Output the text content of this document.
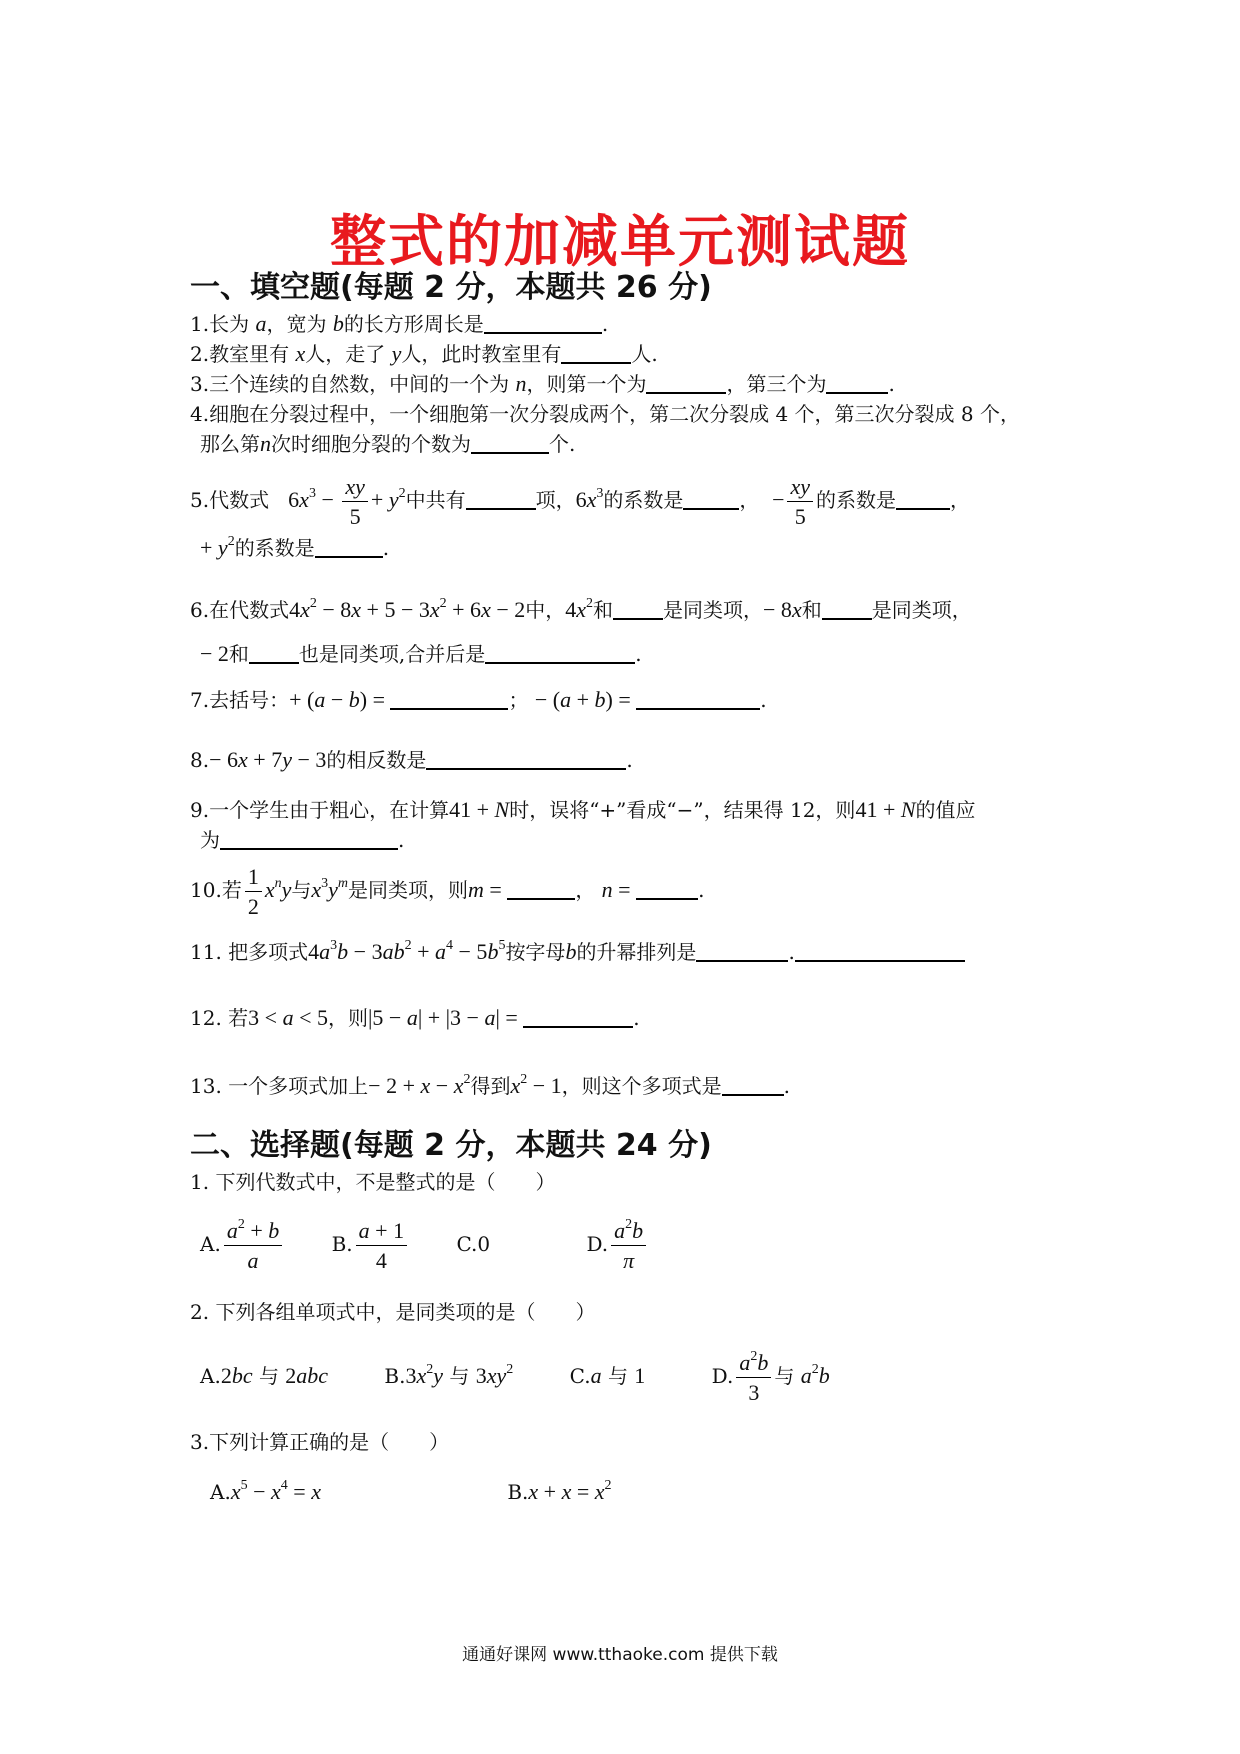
整式的加减单元测试题
一、填空题(每题 2 分，本题共 26 分)
1.长为 a，宽为 b的长方形周长是	.
2.教室里有 x人，走了 y人，此时教室里有	人.
3.三个连续的自然数，中间的一个为 n，则第一个为	，第三个为	.
4.细胞在分裂过程中，一个细胞第一次分裂成两个，第二次分裂成 4 个，第三次分裂成 8 个，
那么第n次时细胞分裂的个数为	个.
5.代数式 $6x^3 - \frac{xy}{5} + y^2$中共有	项，$6x^3$的系数是	， − $\frac{xy}{5}$ 的系数是	，
+ $y^2$的系数是	.
6.在代数式$4x^2 - 8x + 5 - 3x^2 + 6x - 2$中，$4x^2$和	是同类项，− 8x和	是同类项，
− 2和	也是同类项,合并后是	.
7.去括号：+ (a − b) =	； − (a + b) =	.
8.− 6x + 7y − 3的相反数是	.
9.一个学生由于粗心，在计算41 + N时，误将“+”看成“−”，结果得 12，则41 + N的值应
为	.
10.若 $\frac{1}{2} x^ny$与$x^3y^m$是同类项，则m =	， n =	.
11. 把多项式$4a^3b - 3ab^2 + a^4 - 5b^5$按字母b的升幂排列是	.
12. 若3 < a < 5，则|5 − a| + |3 − a| =	.
13. 一个多项式加上− $2 + x - x^2$得到$x^2 - 1$，则这个多项式是	.
二、选择题(每题 2 分，本题共 24 分)
1. 下列代数式中，不是整式的是（　　）
A. $\frac{a^2 + b}{a} B$. $\frac{a + 1}{4} C.0$	D. $\frac{a^2b}{\pi}$
2. 下列各组单项式中，是同类项的是（　　）
A.2bc 与 2abc	$B.3x^2y$ 与 $3xy^2$	C.a 与 1	D. $\frac{a^2b}{3}$ 与 $a^2b$
3.下列计算正确的是（　　）
$A.x^5 - x^4 = x$	$B.x + x = x^2$
通通好课网 www.tthaoke.com 提供下载
